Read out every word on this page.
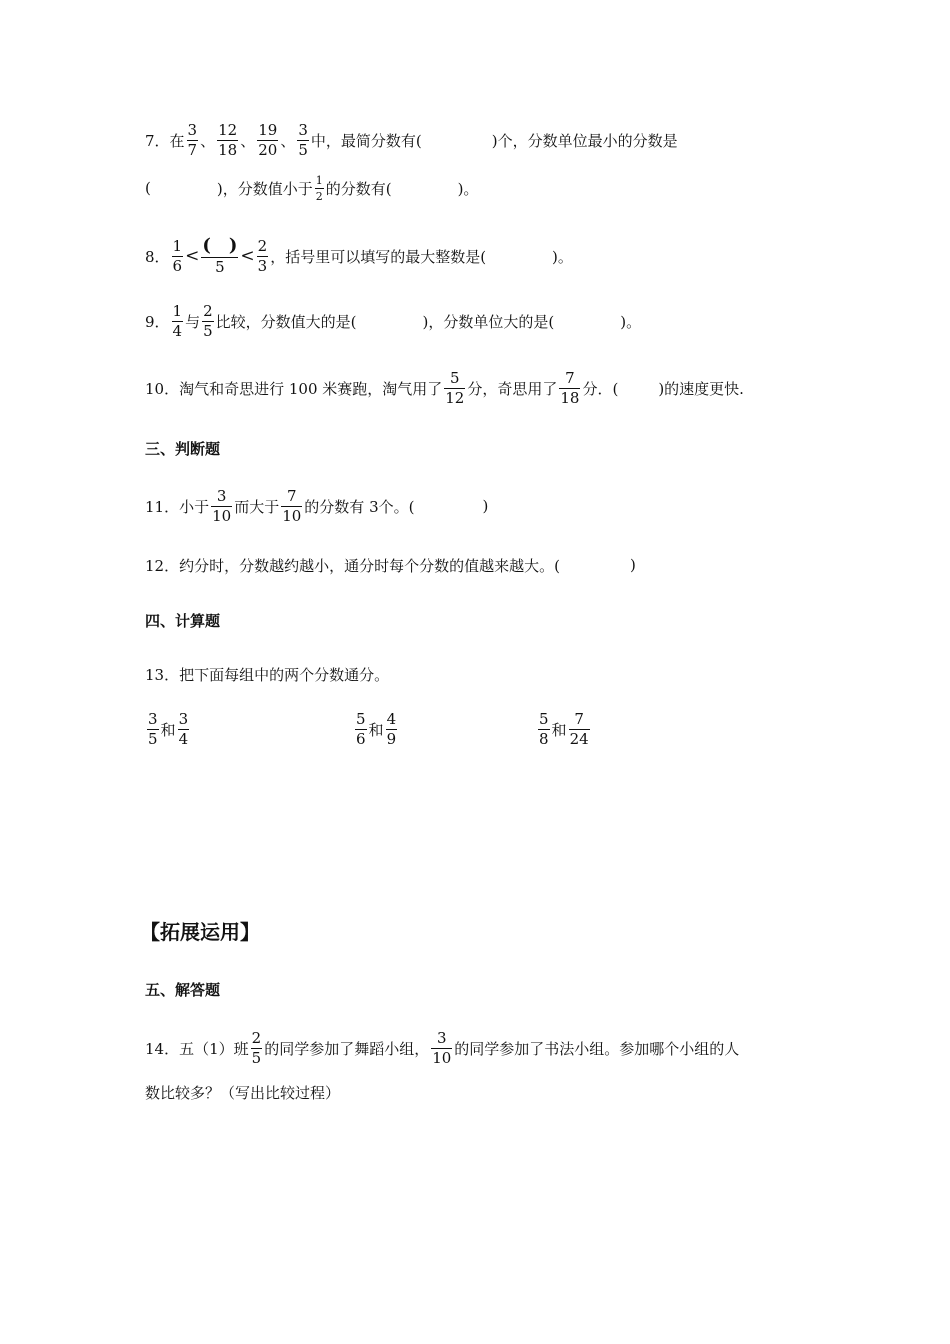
7．在 $\frac{3}{7}$ 、 $\frac{12}{18}$ 、 $\frac{19}{20}$ 、 $\frac{3}{5}$ 中，最简分数有(	)个，分数单位最小的分数是
(	)，分数值小于 $\frac{1}{2}$ 的分数有(	)。
8． $\frac{1}{6} < \frac{( )}{5} < \frac{2}{3}$ ，括号里可以填写的最大整数是(	)。
9． $\frac{1}{4}$ 与 $\frac{2}{5}$ 比较，分数值大的是(	)，分数单位大的是(	)。
10．淘气和奇思进行 100 米赛跑，淘气用了 $\frac{5}{12}$ 分，奇思用了 $\frac{7}{18}$ 分．(	)的速度更快.
三、判断题
11．小于 $\frac{3}{10}$ 而大于 $\frac{7}{10}$ 的分数有 3个。(	)
12．约分时，分数越约越小，通分时每个分数的值越来越大。(	)
四、计算题
13．把下面每组中的两个分数通分。
$\frac{3}{5}$ 和 $\frac{3}{4}$	$\frac{5}{6}$ 和 $\frac{4}{9}$	$\frac{5}{8}$ 和 $\frac{7}{24}$
【拓展运用】
五、解答题
14．五（1）班 $\frac{2}{5}$ 的同学参加了舞蹈小组， $\frac{3}{10}$ 的同学参加了书法小组。参加哪个小组的人
数比较多？（写出比较过程）
